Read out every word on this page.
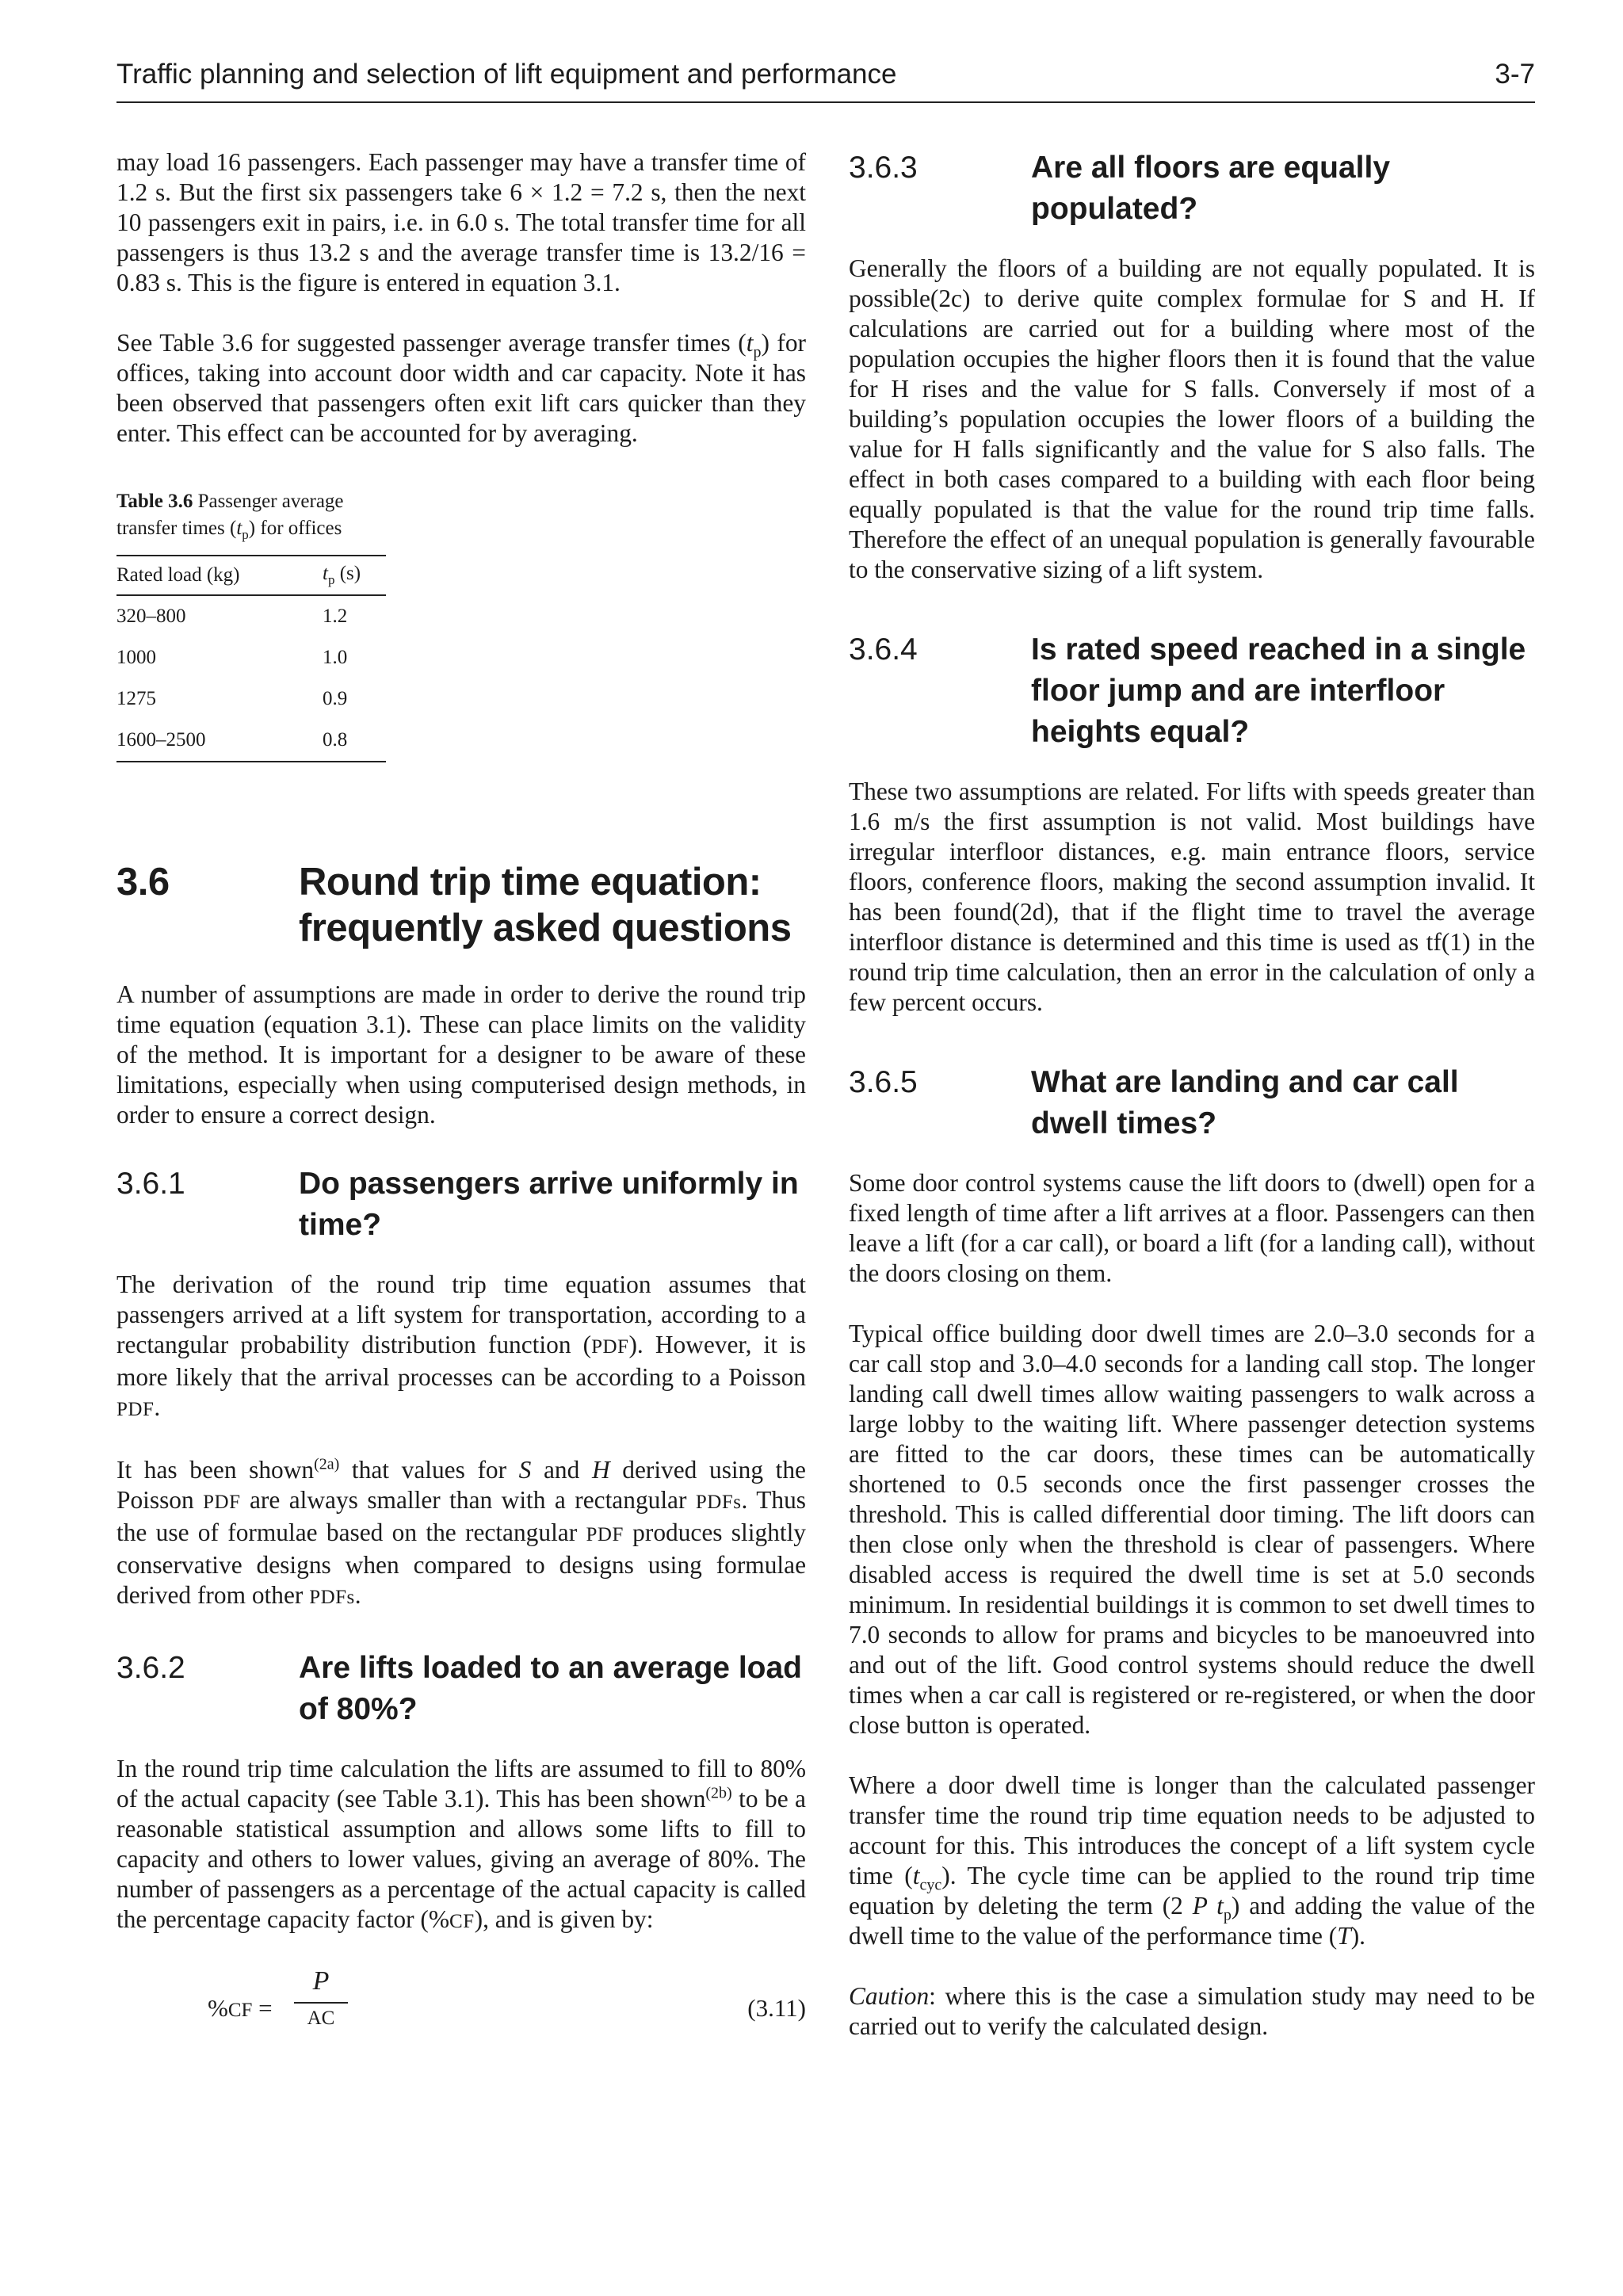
Traffic planning and selection of lift equipment and performance	3-7

may load 16 passengers. Each passenger may have a transfer time of 1.2 s. But the first six passengers take 6 × 1.2 = 7.2 s, then the next 10 passengers exit in pairs, i.e. in 6.0 s. The total transfer time for all passengers is thus 13.2 s and the average transfer time is 13.2/16 = 0.83 s. This is the figure is entered in equation 3.1.

See Table 3.6 for suggested passenger average transfer times $(t_p)$ for offices, taking into account door width and car capacity. Note it has been observed that passengers often exit lift cars quicker than they enter. This effect can be accounted for by averaging.

Table 3.6 Passenger average transfer times $(t_p)$ for offices
Rated load (kg)	$t_p$ (s)
320–800	1.2
1000	1.0
1275	0.9
1600–2500	0.8
3.6	Round trip time equation: frequently asked questions

A number of assumptions are made in order to derive the round trip time equation (equation 3.1). These can place limits on the validity of the method. It is important for a designer to be aware of these limitations, especially when using computerised design methods, in order to ensure a correct design.

3.6.1	Do passengers arrive uniformly in time?

The derivation of the round trip time equation assumes that passengers arrived at a lift system for transportation, according to a rectangular probability distribution function (PDF). However, it is more likely that the arrival processes can be according to a Poisson PDF.

It has been shown$^{(2a)}$ that values for S and H derived using the Poisson PDF are always smaller than with a rectangular PDFs. Thus the use of formulae based on the rectangular PDF produces slightly conservative designs when compared to designs using formulae derived from other PDFs.

3.6.2	Are lifts loaded to an average load of 80%?

In the round trip time calculation the lifts are assumed to fill to 80% of the actual capacity (see Table 3.1). This has been shown$^{(2b)}$ to be a reasonable statistical assumption and allows some lifts to fill to capacity and others to lower values, giving an average of 80%. The number of passengers as a percentage of the actual capacity is called the percentage capacity factor (%CF), and is given by:

%CF =
P
AC	(3.11)
3.6.3	Are all floors are equally populated?

Generally the floors of a building are not equally populated. It is possible(2c) to derive quite complex formulae for S and H. If calculations are carried out for a building where most of the population occupies the higher floors then it is found that the value for H rises and the value for S falls. Conversely if most of a building’s population occupies the lower floors of a building the value for H falls significantly and the value for S also falls. The effect in both cases compared to a building with each floor being equally populated is that the value for the round trip time falls. Therefore the effect of an unequal population is generally favourable to the conservative sizing of a lift system.

3.6.4	Is rated speed reached in a single floor jump and are interfloor heights equal?

These two assumptions are related. For lifts with speeds greater than 1.6 m/s the first assumption is not valid. Most buildings have irregular interfloor distances, e.g. main entrance floors, service floors, conference floors, making the second assumption invalid. It has been found(2d), that if the flight time to travel the average interfloor distance is determined and this time is used as tf(1) in the round trip time calculation, then an error in the calculation of only a few percent occurs.

3.6.5	What are landing and car call dwell times?

Some door control systems cause the lift doors to (dwell) open for a fixed length of time after a lift arrives at a floor. Passengers can then leave a lift (for a car call), or board a lift (for a landing call), without the doors closing on them.

Typical office building door dwell times are 2.0–3.0 seconds for a car call stop and 3.0–4.0 seconds for a landing call stop. The longer landing call dwell times allow waiting passengers to walk across a large lobby to the waiting lift. Where passenger detection systems are fitted to the car doors, these times can be automatically shortened to 0.5 seconds once the first passenger crosses the threshold. This is called differential door timing. The lift doors can then close only when the threshold is clear of passengers. Where disabled access is required the dwell time is set at 5.0 seconds minimum. In residential buildings it is common to set dwell times to 7.0 seconds to allow for prams and bicycles to be manoeuvred into and out of the lift. Good control systems should reduce the dwell times when a car call is registered or re-registered, or when the door close button is operated.

Where a door dwell time is longer than the calculated passenger transfer time the round trip time equation needs to be adjusted to account for this. This introduces the concept of a lift system cycle time $(t_{cyc})$. The cycle time can be applied to the round trip time equation by deleting the term (2 P $t_p$) and adding the value of the dwell time to the value of the performance time (T).

Caution: where this is the case a simulation study may need to be carried out to verify the calculated design.
